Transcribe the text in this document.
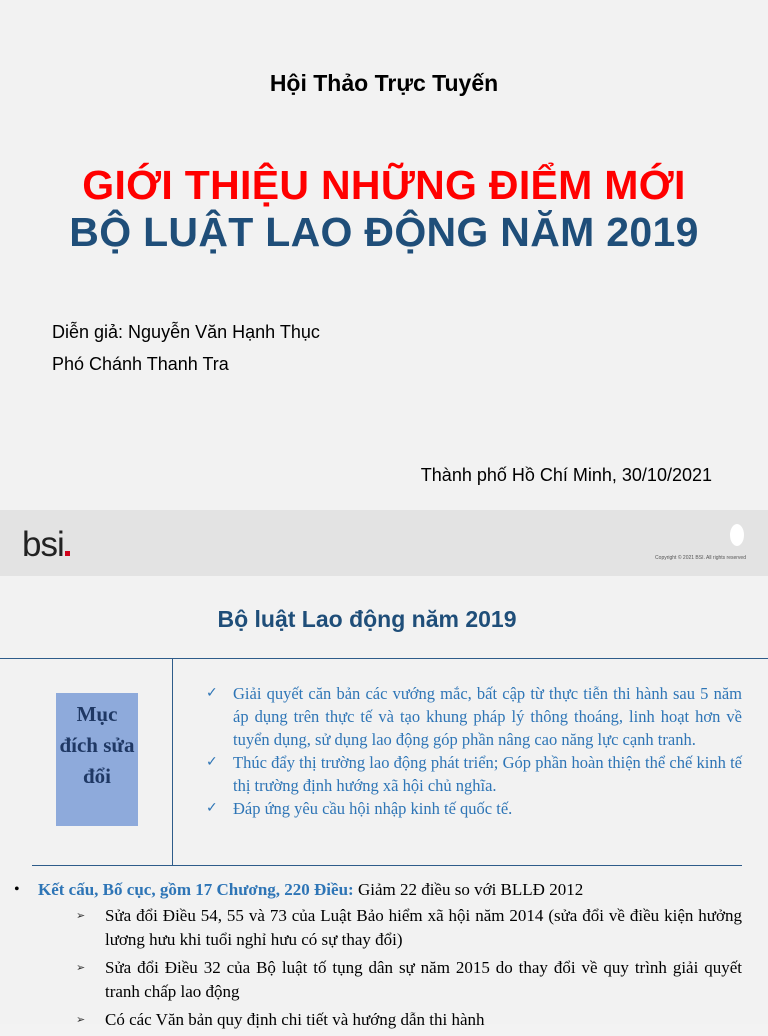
Hội Thảo Trực Tuyến
GIỚI THIỆU NHỮNG ĐIỂM MỚI
BỘ LUẬT LAO ĐỘNG NĂM 2019
Diễn giả: Nguyễn Văn Hạnh Thục
Phó Chánh Thanh Tra
Thành phố Hồ Chí Minh, 30/10/2021
bsi	Copyright © 2021 BSI. All rights reserved
Bộ luật Lao động năm 2019
Mục đích sửa đổi
✓ Giải quyết căn bản các vướng mắc, bất cập từ thực tiễn thi hành sau 5 năm áp dụng trên thực tế và tạo khung pháp lý thông thoáng, linh hoạt hơn về tuyển dụng, sử dụng lao động góp phần nâng cao năng lực cạnh tranh.
✓ Thúc đẩy thị trường lao động phát triển; Góp phần hoàn thiện thể chế kinh tế thị trường định hướng xã hội chủ nghĩa.
✓ Đáp ứng yêu cầu hội nhập kinh tế quốc tế.
• Kết cấu, Bố cục, gồm 17 Chương, 220 Điều: Giảm 22 điều so với BLLĐ 2012
➢ Sửa đổi Điều 54, 55 và 73 của Luật Bảo hiểm xã hội năm 2014 (sửa đổi về điều kiện hưởng lương hưu khi tuổi nghỉ hưu có sự thay đổi)
➢ Sửa đổi Điều 32 của Bộ luật tố tụng dân sự năm 2015 do thay đổi về quy trình giải quyết tranh chấp lao động
➢ Có các Văn bản quy định chi tiết và hướng dẫn thi hành
